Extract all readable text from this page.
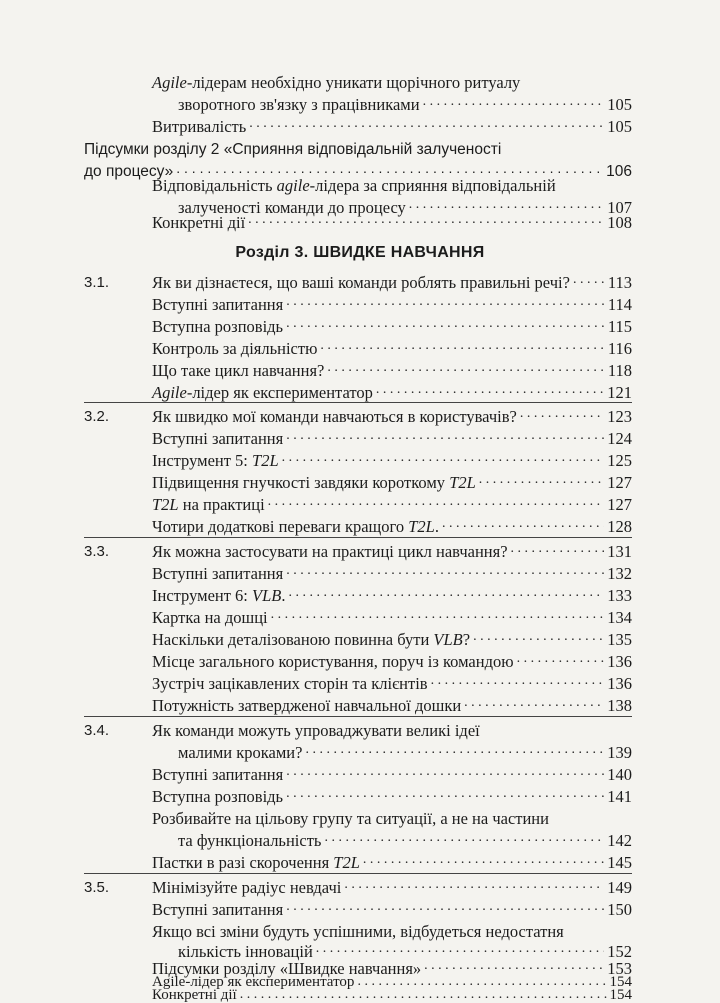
Agile-лідерам необхідно уникати щорічного ритуалу
зворотного зв'язку з працівниками . . .	105
Витривалість . . .	105
Підсумки розділу 2 «Сприяння відповідальній залученості
до процесу» . . .	106
Відповідальність agile-лідера за сприяння відповідальній
залученості команди до процесу . . .	107
Конкретні дії . . .	108
Розділ 3. ШВИДКЕ НАВЧАННЯ
3.1.	Як ви дізнаєтеся, що ваші команди роблять правильні речі? . . . 113
Вступні запитання . . .	114
Вступна розповідь . . .	115
Контроль за діяльністю . . .	116
Що таке цикл навчання? . . .	118
Agile-лідер як експериментатор . . .	121
3.2.	Як швидко мої команди навчаються в користувачів? . . .	123
Вступні запитання . . .	124
Інструмент 5: T2L . . .	125
Підвищення гнучкості завдяки короткому T2L . . .	127
T2L на практиці . . .	127
Чотири додаткові переваги кращого T2L. . . .	128
3.3.	Як можна застосувати на практиці цикл навчання? . . .	131
Вступні запитання . . .	132
Інструмент 6: VLB. . . .	133
Картка на дошці . . .	134
Наскільки деталізованою повинна бути VLB? . . .	135
Місце загального користування, поруч із командою . . .	136
Зустріч зацікавлених сторін та клієнтів . . .	136
Потужність затвердженої навчальної дошки . . .	138
3.4.	Як команди можуть упроваджувати великі ідеї
малими кроками? . . .	139
Вступні запитання . . .	140
Вступна розповідь . . .	141
Розбивайте на цільову групу та ситуації, а не на частини
та функціональність . . .	142
Пастки в разі скорочення T2L . . .	145
3.5.	Мінімізуйте радіус невдачі . . .	149
Вступні запитання . . .	150
Якщо всі зміни будуть успішними, відбудеться недостатня
кількість інновацій . . .	152
Підсумки розділу «Швидке навчання» . . .	153
Agile-лідер як експериментатор . . .	154
Конкретні дії . . .	154
